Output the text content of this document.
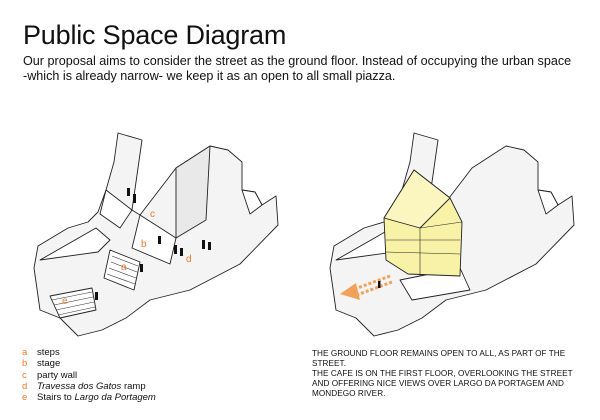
Public Space Diagram
Our proposal aims to consider the street as the ground floor. Instead of occupying the urban space
-which is already narrow- we keep it as an open to all small piazza.
c
b
a
d
e
a	steps
b	stage
c	party wall
d	Travessa dos Gatos
ramp
e	Stairs to
Largo da Portagem
THE GROUND FLOOR REMAINS OPEN TO ALL, AS PART OF THE
STREET.
THE CAFE IS ON THE FIRST FLOOR, OVERLOOKING THE STREET
AND OFFERING NICE VIEWS OVER LARGO DA PORTAGEM AND
MONDEGO RIVER.
